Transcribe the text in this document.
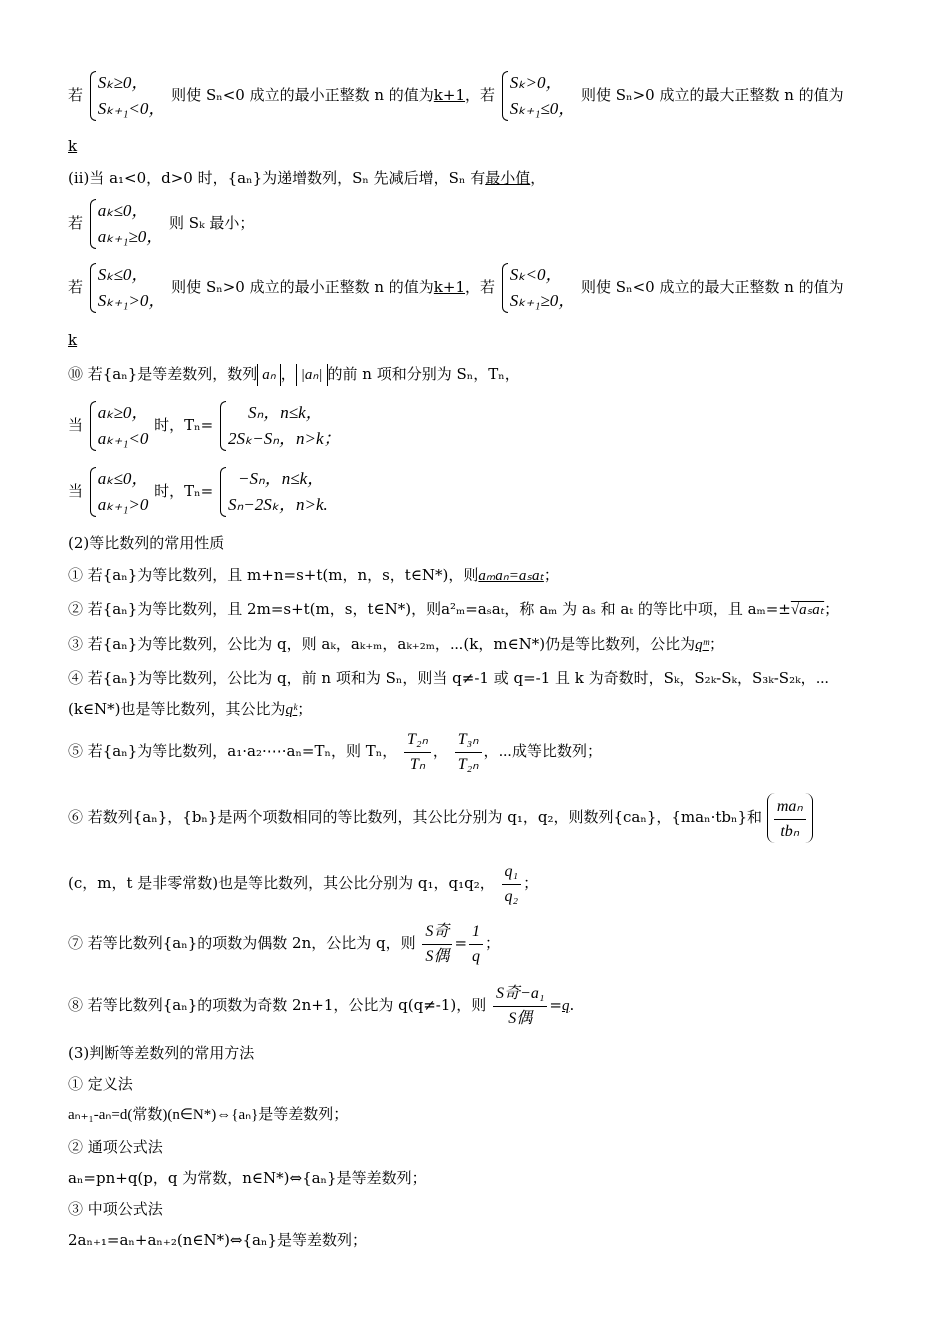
若
Sₖ≥0，
Sₖ₊₁<0，
则使 Sₙ<0 成立的最小正整数 n 的值为k+1，若
Sₖ>0，
Sₖ₊₁≤0，
则使 Sₙ>0 成立的最大正整数 n 的值为
k
(ⅱ)当 a₁<0，d>0 时，{aₙ}为递增数列，Sₙ 先减后增，Sₙ 有最小值，
若
aₖ≤0，
aₖ₊₁≥0，
则 Sₖ 最小；
若
Sₖ≤0，
Sₖ₊₁>0，
则使 Sₙ>0 成立的最小正整数 n 的值为k+1，若
Sₖ<0，
Sₖ₊₁≥0，
则使 Sₙ<0 成立的最大正整数 n 的值为
k
⑩ 若{aₙ}是等差数列，数列 aₙ ， |aₙ| 的前 n 项和分别为 Sₙ，Tₙ，
当
aₖ≥0，
aₖ₊₁<0
时，Tₙ=
Sₙ，n≤k，
2Sₖ−Sₙ，n>k；
当
aₖ≤0，
aₖ₊₁>0
时，Tₙ=
−Sₙ，n≤k，
Sₙ−2Sₖ，n>k.
(2)等比数列的常用性质
① 若{aₙ}为等比数列，且 m+n=s+t(m，n，s，t∈N*)，则aₘaₙ=aₛaₜ；
② 若{aₙ}为等比数列，且 2m=s+t(m，s，t∈N*)，则a²ₘ=aₛaₜ，称 aₘ 为 aₛ 和 aₜ 的等比中项，且 aₘ=±√aₛaₜ；
③ 若{aₙ}为等比数列，公比为 q，则 aₖ，aₖ₊ₘ，aₖ₊₂ₘ，⋯(k，m∈N*)仍是等比数列，公比为qᵐ；
④ 若{aₙ}为等比数列，公比为 q，前 n 项和为 Sₙ，则当 q≠-1 或 q=-1 且 k 为奇数时，Sₖ，S₂ₖ-Sₖ，S₃ₖ-S₂ₖ，⋯
(k∈N*)也是等比数列，其公比为qᵏ；
⑤ 若{aₙ}为等比数列，a₁·a₂·⋯·aₙ=Tₙ，则 Tₙ， $\frac{\text{T₂ₙ}}{\text{Tₙ}}$ ， $\frac{\text{T₃ₙ}}{\text{T₂ₙ}}$ ，⋯成等比数列；
⑥ 若数列{aₙ}，{bₙ}是两个项数相同的等比数列，其公比分别为 q₁，q₂，则数列{caₙ}，{maₙ·tbₙ}和 $\frac{\text{maₙ}}{\text{tbₙ}}$
(c，m，t 是非零常数)也是等比数列，其公比分别为 q₁，q₁q₂， $\frac{\text{q₁}}{\text{q₂}}$ ；
⑦ 若等比数列{aₙ}的项数为偶数 2n，公比为 q，则 $\frac{\text{S奇}}{\text{S偶}} = \frac{1}{q}$ ；
⑧ 若等比数列{aₙ}的项数为奇数 2n+1，公比为 q(q≠-1)，则 $\frac{\text{S奇−a₁}}{\text{S偶}} =q$.
(3)判断等差数列的常用方法
① 定义法
aₙ₊₁-aₙ=d(常数)(n∈N*)⇔{aₙ}是等差数列；
② 通项公式法
aₙ=pn+q(p，q 为常数，n∈N*)⇔{aₙ}是等差数列；
③ 中项公式法
2aₙ₊₁=aₙ+aₙ₊₂(n∈N*)⇔{aₙ}是等差数列；
